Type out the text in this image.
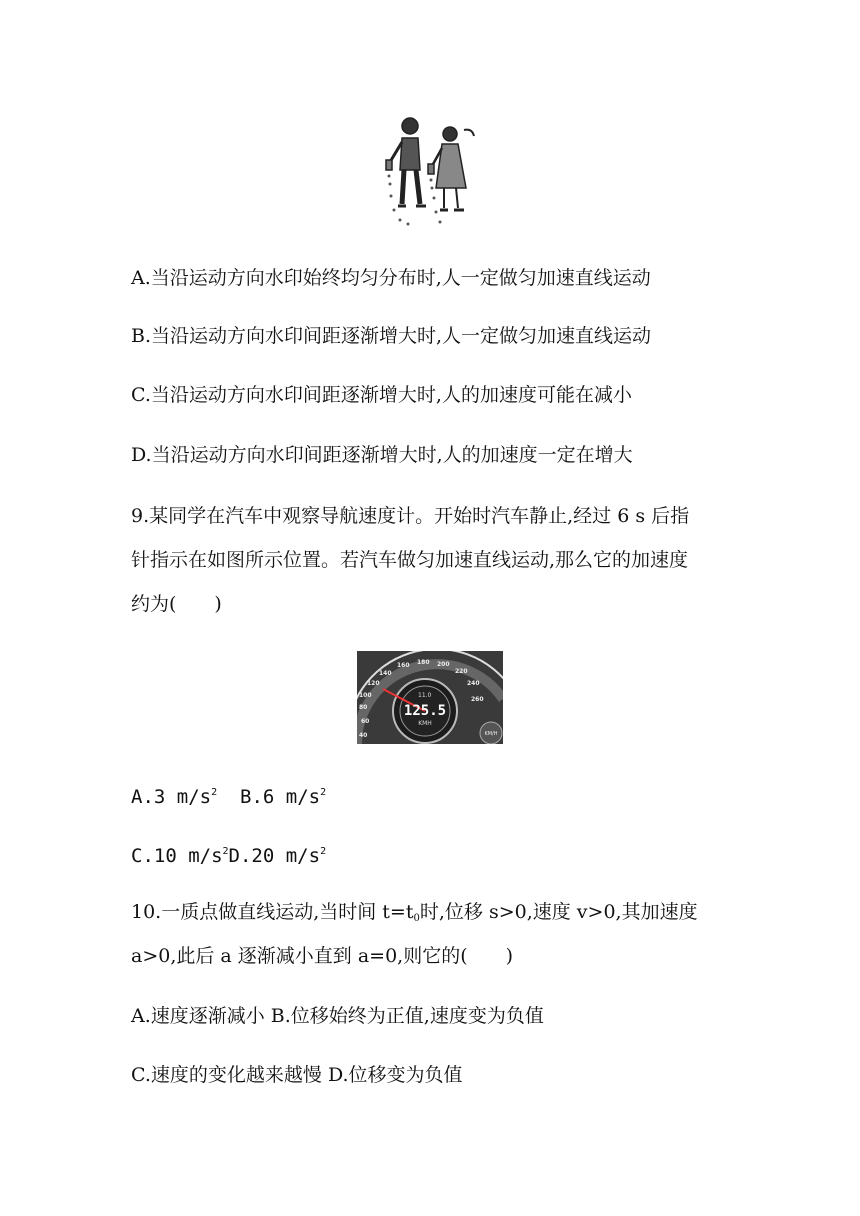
A.当沿运动方向水印始终均匀分布时,人一定做匀加速直线运动
B.当沿运动方向水印间距逐渐增大时,人一定做匀加速直线运动
C.当沿运动方向水印间距逐渐增大时,人的加速度可能在减小
D.当沿运动方向水印间距逐渐增大时,人的加速度一定在增大
9.某同学在汽车中观察导航速度计。开始时汽车静止,经过 6 s 后指
针指示在如图所示位置。若汽车做匀加速直线运动,那么它的加速度
约为(　　)
40
60
80
100
120
140
160 180 200
220
240
260
11.0
125.5
KMH
KM/H
A.3 $m/s^2$ B.6 $m/s^2$
C.10 $m/s^2D.20$ $m/s^2$
10.一质点做直线运动,当时间 $t=t_0$时,位移 s>0,速度 v>0,其加速度
a>0,此后 a 逐渐减小直到 a=0,则它的(　　)
A.速度逐渐减小 B.位移始终为正值,速度变为负值
C.速度的变化越来越慢 D.位移变为负值
